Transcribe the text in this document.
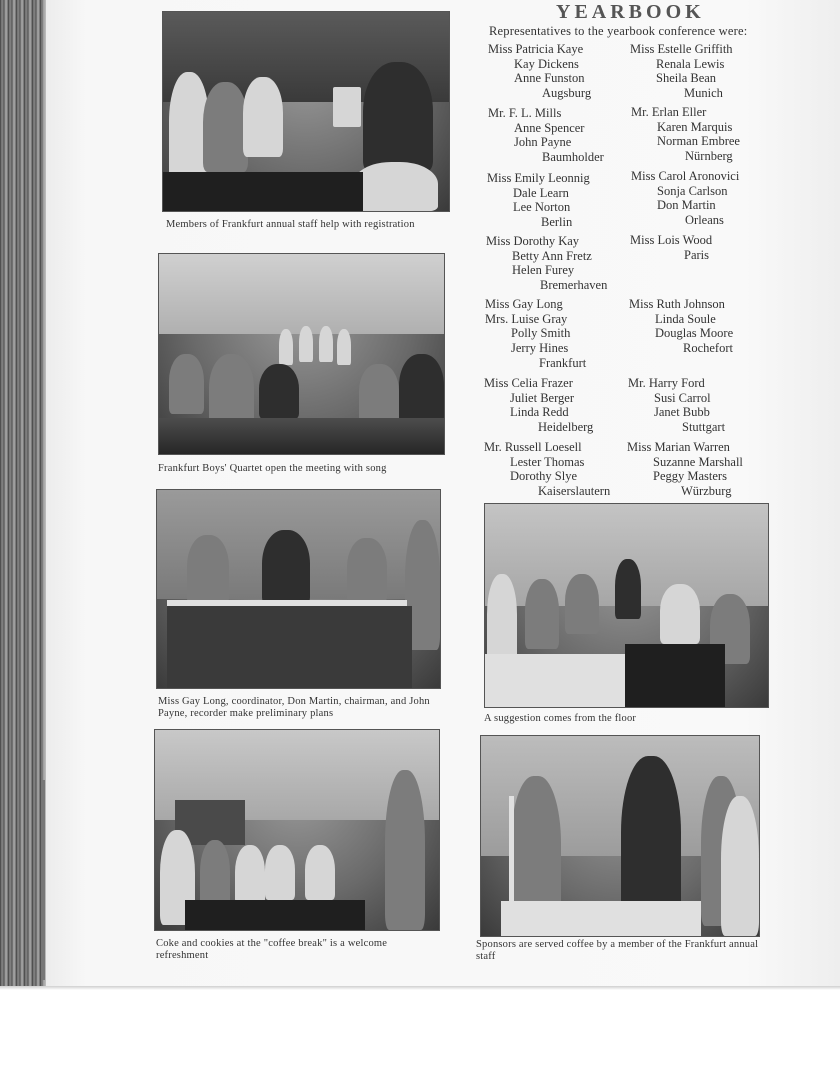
Members of Frankfurt annual staff help with registration
Frankfurt Boys' Quartet open the meeting with song
Miss Gay Long, coordinator, Don Martin, chairman, and John Payne, recorder make preliminary plans	A suggestion comes from the floor
Coke and cookies at the "coffee break" is a welcome refreshment
Sponsors are served coffee by a member of the Frankfurt annual staff
YEARBOOK
Representatives to the yearbook conference were:
Miss Patricia Kaye
Kay Dickens
Anne Funston
Augsburg
Mr. F. L. Mills
Anne Spencer
John Payne
Baumholder
Miss Emily Leonnig
Dale Learn
Lee Norton
Berlin
Miss Dorothy Kay
Betty Ann Fretz
Helen Furey
Bremerhaven
Miss Gay Long
Mrs. Luise Gray
Polly Smith
Jerry Hines
Frankfurt
Miss Celia Frazer
Juliet Berger
Linda Redd
Heidelberg
Mr. Russell Loesell
Lester Thomas
Dorothy Slye
Kaiserslautern
Miss Estelle Griffith
Renala Lewis
Sheila Bean
Munich
Mr. Erlan Eller
Karen Marquis
Norman Embree
Nürnberg
Miss Carol Aronovici
Sonja Carlson
Don Martin
Orleans
Miss Lois Wood
Paris
Miss Ruth Johnson
Linda Soule
Douglas Moore
Rochefort
Mr. Harry Ford
Susi Carrol
Janet Bubb
Stuttgart
Miss Marian Warren
Suzanne Marshall
Peggy Masters
Würzburg
